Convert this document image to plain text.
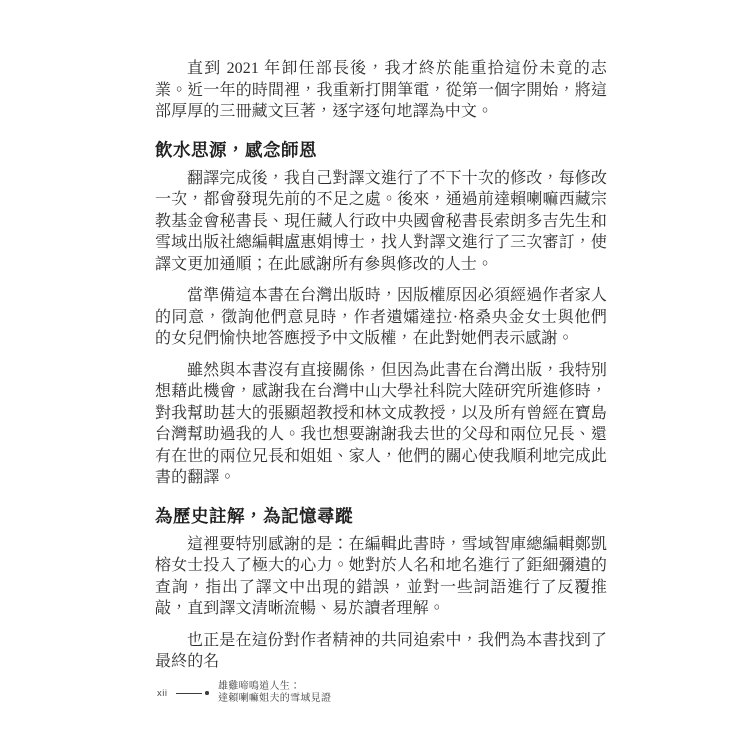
直到 2021 年卸任部長後，我才終於能重拾這份未竟的志業。近一年的時間裡，我重新打開筆電，從第一個字開始，將這部厚厚的三冊藏文巨著，逐字逐句地譯為中文。

飲水思源，感念師恩

翻譯完成後，我自己對譯文進行了不下十次的修改，每修改一次，都會發現先前的不足之處。後來，通過前達賴喇嘛西藏宗教基金會秘書長、現任藏人行政中央國會秘書長索朗多吉先生和雪域出版社總編輯盧惠娟博士，找人對譯文進行了三次審訂，使譯文更加通順；在此感謝所有參與修改的人士。

當準備這本書在台灣出版時，因版權原因必須經過作者家人的同意，徵詢他們意見時，作者遺孀達拉·格桑央金女士與他們的女兒們愉快地答應授予中文版權，在此對她們表示感謝。

雖然與本書沒有直接關係，但因為此書在台灣出版，我特別想藉此機會，感謝我在台灣中山大學社科院大陸研究所進修時，對我幫助甚大的張顯超教授和林文成教授，以及所有曾經在寶島台灣幫助過我的人。我也想要謝謝我去世的父母和兩位兄長、還有在世的兩位兄長和姐姐、家人，他們的關心使我順利地完成此書的翻譯。

為歷史註解，為記憶尋蹤

這裡要特別感謝的是：在編輯此書時，雪域智庫總編輯鄭凱榕女士投入了極大的心力。她對於人名和地名進行了鉅細彌遺的查詢，指出了譯文中出現的錯誤，並對一些詞語進行了反覆推敲，直到譯文清晰流暢、易於讀者理解。

也正是在這份對作者精神的共同追索中，我們為本書找到了最終的名

xii
雄雞啼鳴道人生：
達賴喇嘛姐夫的雪域見證
